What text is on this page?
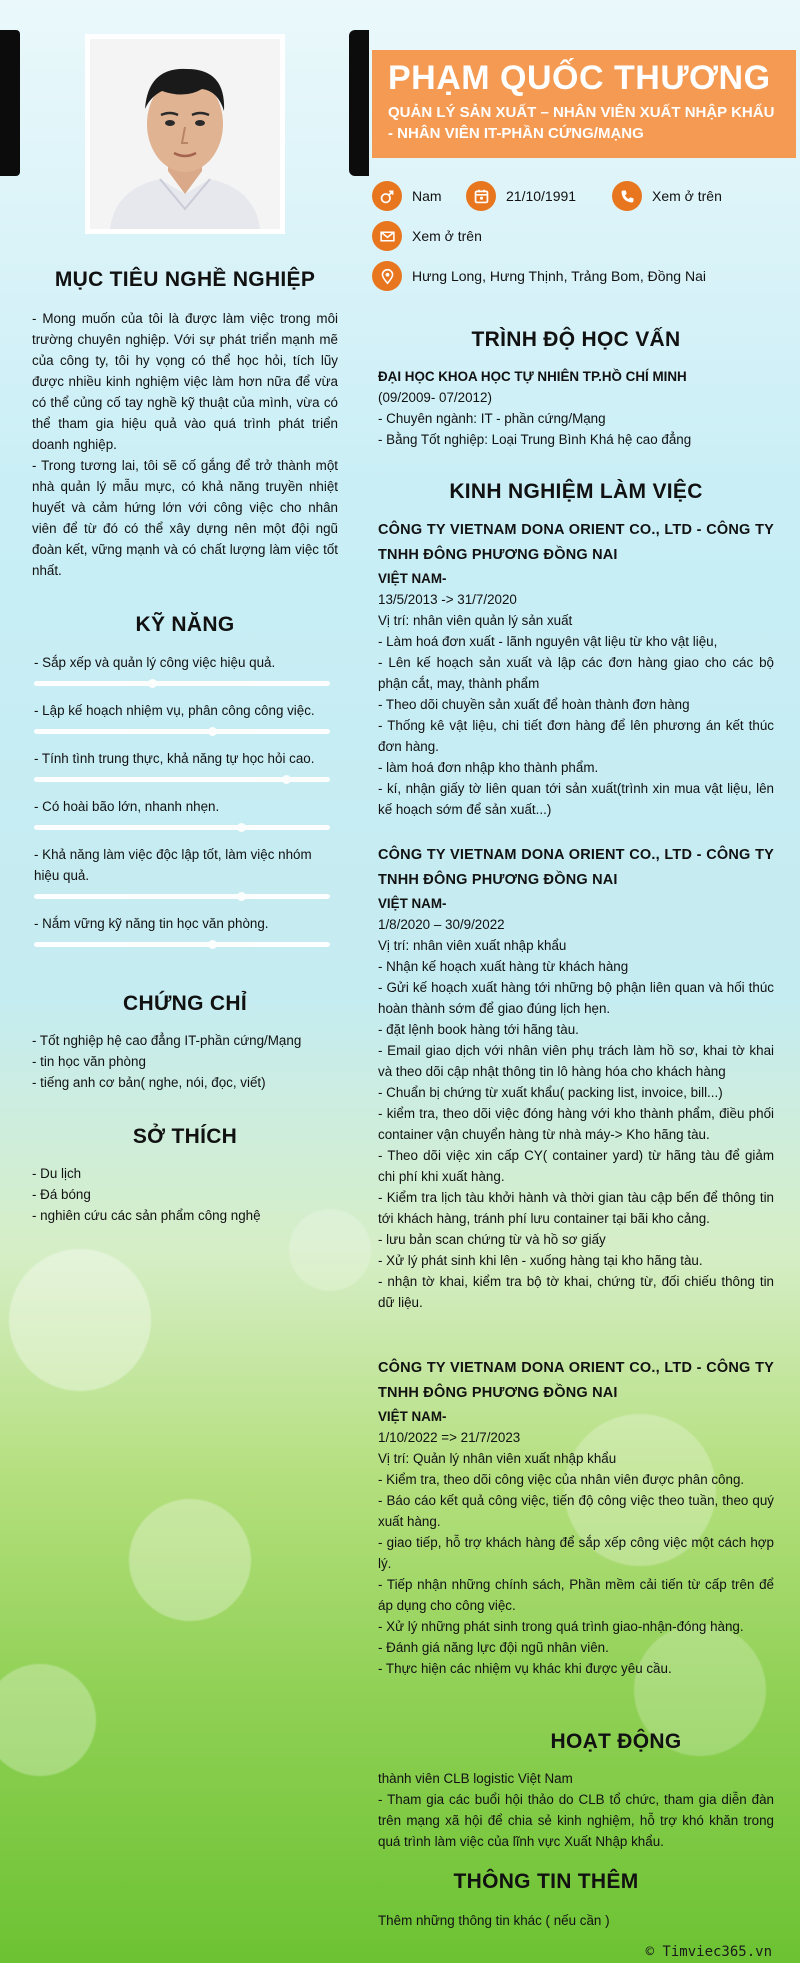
PHẠM QUỐC THƯƠNG
QUẢN LÝ SẢN XUẤT – NHÂN VIÊN XUẤT NHẬP KHẨU - NHÂN VIÊN IT-PHẦN CỨNG/MẠNG
Nam	21/10/1991	Xem ở trên
Xem ở trên
Hưng Long, Hưng Thịnh, Trảng Bom, Đồng Nai
MỤC TIÊU NGHỀ NGHIỆP
- Mong muốn của tôi là được làm việc trong môi trường chuyên nghiệp. Với sự phát triển mạnh mẽ của công ty, tôi hy vọng có thể học hỏi, tích lũy được nhiều kinh nghiệm việc làm hơn nữa để vừa có thể củng cố tay nghề kỹ thuật của mình, vừa có thể tham gia hiệu quả vào quá trình phát triển doanh nghiệp.
- Trong tương lai, tôi sẽ cố gắng để trở thành một nhà quản lý mẫu mực, có khả năng truyền nhiệt huyết và cảm hứng lớn với công việc cho nhân viên để từ đó có thể xây dựng nên một đội ngũ đoàn kết, vững mạnh và có chất lượng làm việc tốt nhất.
KỸ NĂNG
- Sắp xếp và quản lý công việc hiệu quả.
- Lập kế hoạch nhiệm vụ, phân công công việc.
- Tính tình trung thực, khả năng tự học hỏi cao.
- Có hoài bão lớn, nhanh nhẹn.
- Khả năng làm việc độc lập tốt, làm việc nhóm hiệu quả.
- Nắm vững kỹ năng tin học văn phòng.
CHỨNG CHỈ
- Tốt nghiệp hệ cao đẳng IT-phần cứng/Mạng
- tin học văn phòng
- tiếng anh cơ bản( nghe, nói, đọc, viết)
SỞ THÍCH
- Du lịch
- Đá bóng
- nghiên cứu các sản phẩm công nghệ
TRÌNH ĐỘ HỌC VẤN
ĐẠI HỌC KHOA HỌC TỰ NHIÊN TP.HỒ CHÍ MINH
(09/2009- 07/2012)
- Chuyên ngành: IT - phần cứng/Mạng
- Bằng Tốt nghiệp: Loại Trung Bình Khá hệ cao đẳng
KINH NGHIỆM LÀM VIỆC
CÔNG TY VIETNAM DONA ORIENT CO., LTD - CÔNG TY TNHH ĐÔNG PHƯƠNG ĐỒNG NAI
VIỆT NAM-
13/5/2013 -> 31/7/2020
Vị trí: nhân viên quản lý sản xuất
- Làm hoá đơn xuất - lãnh nguyên vật liệu từ kho vật liệu,
- Lên kế hoạch sản xuất và lập các đơn hàng giao cho các bộ phận cắt, may, thành phẩm
- Theo dõi chuyền sản xuất để hoàn thành đơn hàng
- Thống kê vật liệu, chi tiết đơn hàng để lên phương án kết thúc đơn hàng.
- làm hoá đơn nhập kho thành phẩm.
- kí, nhận giấy tờ liên quan tới sản xuất(trình xin mua vật liệu, lên kế hoạch sớm để sản xuất...)
CÔNG TY VIETNAM DONA ORIENT CO., LTD - CÔNG TY TNHH ĐÔNG PHƯƠNG ĐỒNG NAI
VIỆT NAM-
1/8/2020 – 30/9/2022
Vị trí: nhân viên xuất nhập khẩu
- Nhận kế hoạch xuất hàng từ khách hàng
- Gửi kế hoạch xuất hàng tới những bộ phận liên quan và hối thúc hoàn thành sớm để giao đúng lịch hẹn.
- đặt lệnh book hàng tới hãng tàu.
- Email giao dịch với nhân viên phụ trách làm hồ sơ, khai tờ khai và theo dõi cập nhật thông tin lô hàng hóa cho khách hàng
- Chuẩn bị chứng từ xuất khẩu( packing list, invoice, bill...)
- kiểm tra, theo dõi việc đóng hàng với kho thành phẩm, điều phối container vận chuyển hàng từ nhà máy-> Kho hãng tàu.
- Theo dõi việc xin cấp CY( container yard) từ hãng tàu để giảm chi phí khi xuất hàng.
- Kiểm tra lịch tàu khởi hành và thời gian tàu cập bến để thông tin tới khách hàng, tránh phí lưu container tại bãi kho cảng.
- lưu bản scan chứng từ và hồ sơ giấy
- Xử lý phát sinh khi lên - xuống hàng tại kho hãng tàu.
- nhận tờ khai, kiểm tra bộ tờ khai, chứng từ, đối chiếu thông tin dữ liệu.
CÔNG TY VIETNAM DONA ORIENT CO., LTD - CÔNG TY TNHH ĐÔNG PHƯƠNG ĐỒNG NAI
VIỆT NAM-
1/10/2022 => 21/7/2023
Vị trí: Quản lý nhân viên xuất nhập khẩu
- Kiểm tra, theo dõi công việc của nhân viên được phân công.
- Báo cáo kết quả công việc, tiến độ công việc theo tuần, theo quý xuất hàng.
- giao tiếp, hỗ trợ khách hàng để sắp xếp công việc một cách hợp lý.
- Tiếp nhận những chính sách, Phần mềm cải tiến từ cấp trên để áp dụng cho công việc.
- Xử lý những phát sinh trong quá trình giao-nhận-đóng hàng.
- Đánh giá năng lực đội ngũ nhân viên.
- Thực hiện các nhiệm vụ khác khi được yêu cầu.
HOẠT ĐỘNG
thành viên CLB logistic Việt Nam
- Tham gia các buổi hội thảo do CLB tổ chức, tham gia diễn đàn trên mạng xã hội để chia sẻ kinh nghiệm, hỗ trợ khó khăn trong quá trình làm việc của lĩnh vực Xuất Nhập khẩu.
THÔNG TIN THÊM
Thêm những thông tin khác ( nếu cần )
© Timviec365.vn
